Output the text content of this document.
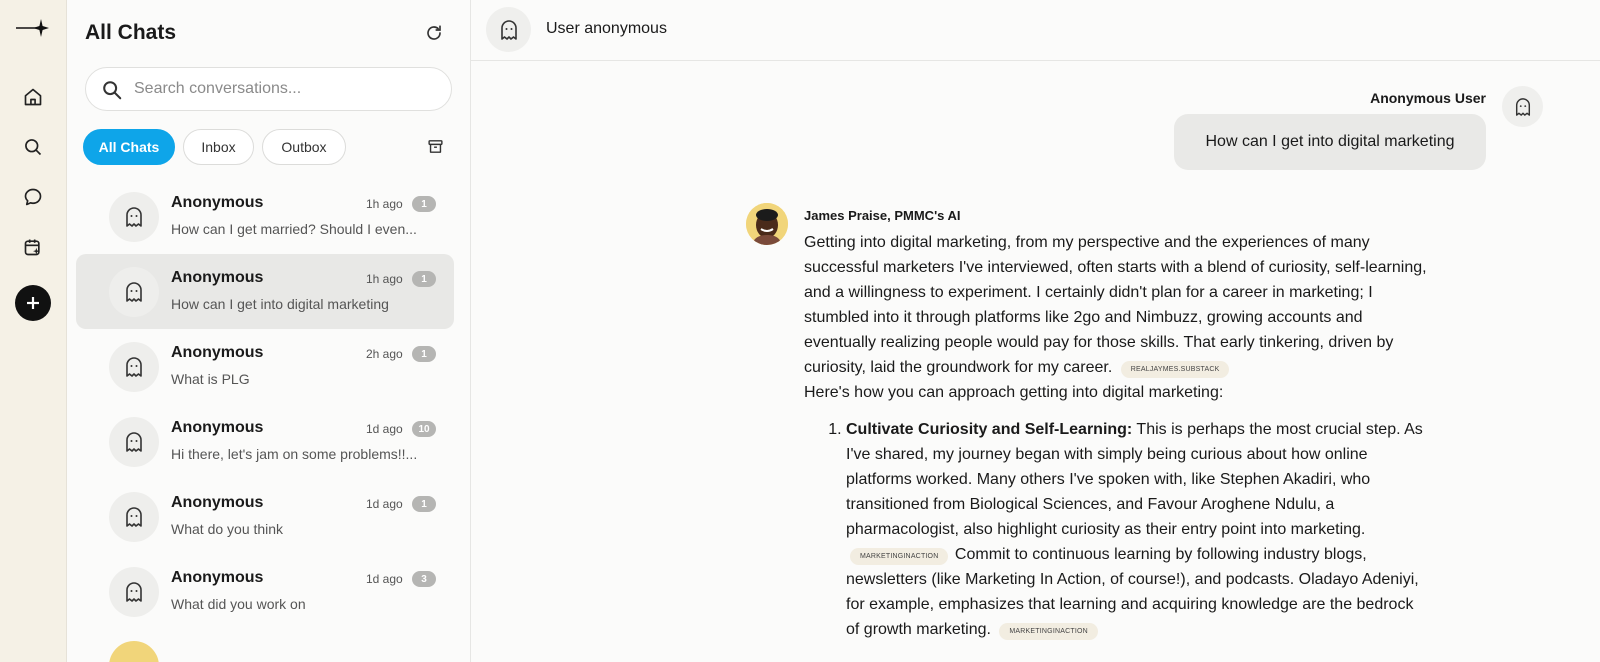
All Chats
Search conversations...
All Chats	Inbox	Outbox
Anonymous	1h ago	1
How can I get married? Should I even...
Anonymous	1h ago	1
How can I get into digital marketing
Anonymous	2h ago	1
What is PLG
Anonymous	1d ago	10
Hi there, let's jam on some problems!!...
Anonymous	1d ago	1
What do you think
Anonymous	1d ago	3
What did you work on
User anonymous
Anonymous User
How can I get into digital marketing
James Praise, PMMC's AI

Getting into digital marketing, from my perspective and the experiences of many successful marketers I've interviewed, often starts with a blend of curiosity, self-learning, and a willingness to experiment. I certainly didn't plan for a career in marketing; I stumbled into it through platforms like 2go and Nimbuzz, growing accounts and eventually realizing people would pay for those skills. That early tinkering, driven by curiosity, laid the groundwork for my career.	REALJAYMES.SUBSTACK

Here's how you can approach getting into digital marketing:

1. Cultivate Curiosity and Self-Learning: This is perhaps the most crucial step. As I've shared, my journey began with simply being curious about how online platforms worked. Many others I've spoken with, like Stephen Akadiri, who transitioned from Biological Sciences, and Favour Aroghene Ndulu, a pharmacologist, also highlight curiosity as their entry point into marketing. MARKETINGINACTION Commit to continuous learning by following industry blogs, newsletters (like Marketing In Action, of course!), and podcasts. Oladayo Adeniyi, for example, emphasizes that learning and acquiring knowledge are the bedrock of growth marketing.	MARKETINGINACTION
